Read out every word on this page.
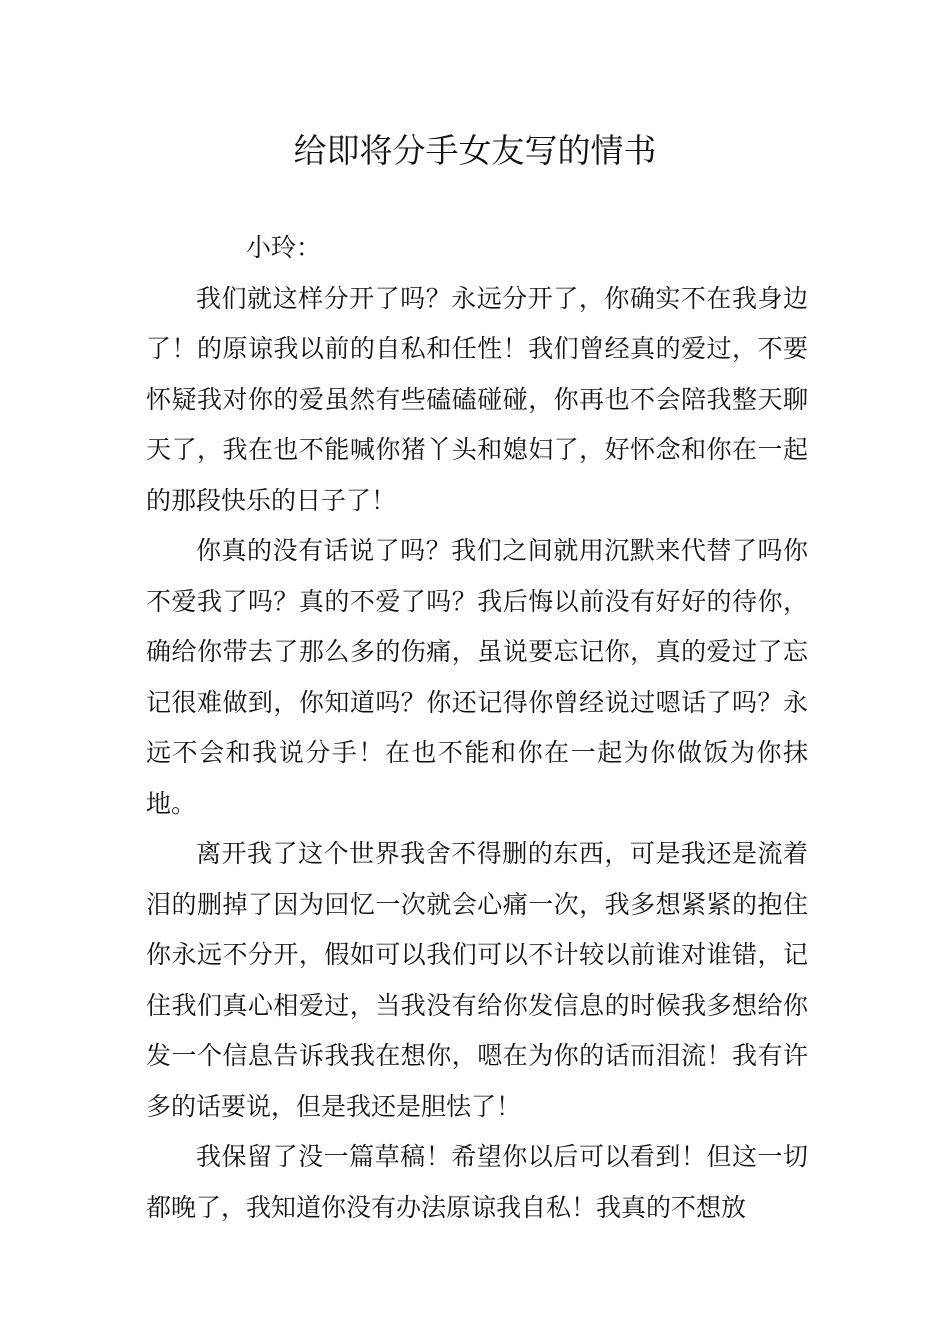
给即将分手女友写的情书

小玲：

我们就这样分开了吗？永远分开了，你确实不在我身边了！的原谅我以前的自私和任性！我们曾经真的爱过，不要怀疑我对你的爱虽然有些磕磕碰碰，你再也不会陪我整天聊天了，我在也不能喊你猪丫头和媳妇了，好怀念和你在一起的那段快乐的日子了！

你真的没有话说了吗？我们之间就用沉默来代替了吗你不爱我了吗？真的不爱了吗？我后悔以前没有好好的待你，确给你带去了那么多的伤痛，虽说要忘记你，真的爱过了忘记很难做到，你知道吗？你还记得你曾经说过嗯话了吗？永远不会和我说分手！在也不能和你在一起为你做饭为你抹地。

离开我了这个世界我舍不得删的东西，可是我还是流着泪的删掉了因为回忆一次就会心痛一次，我多想紧紧的抱住你永远不分开，假如可以我们可以不计较以前谁对谁错，记住我们真心相爱过，当我没有给你发信息的时候我多想给你发一个信息告诉我我在想你，嗯在为你的话而泪流！我有许多的话要说，但是我还是胆怯了！

我保留了没一篇草稿！希望你以后可以看到！但这一切都晚了，我知道你没有办法原谅我自私！我真的不想放
